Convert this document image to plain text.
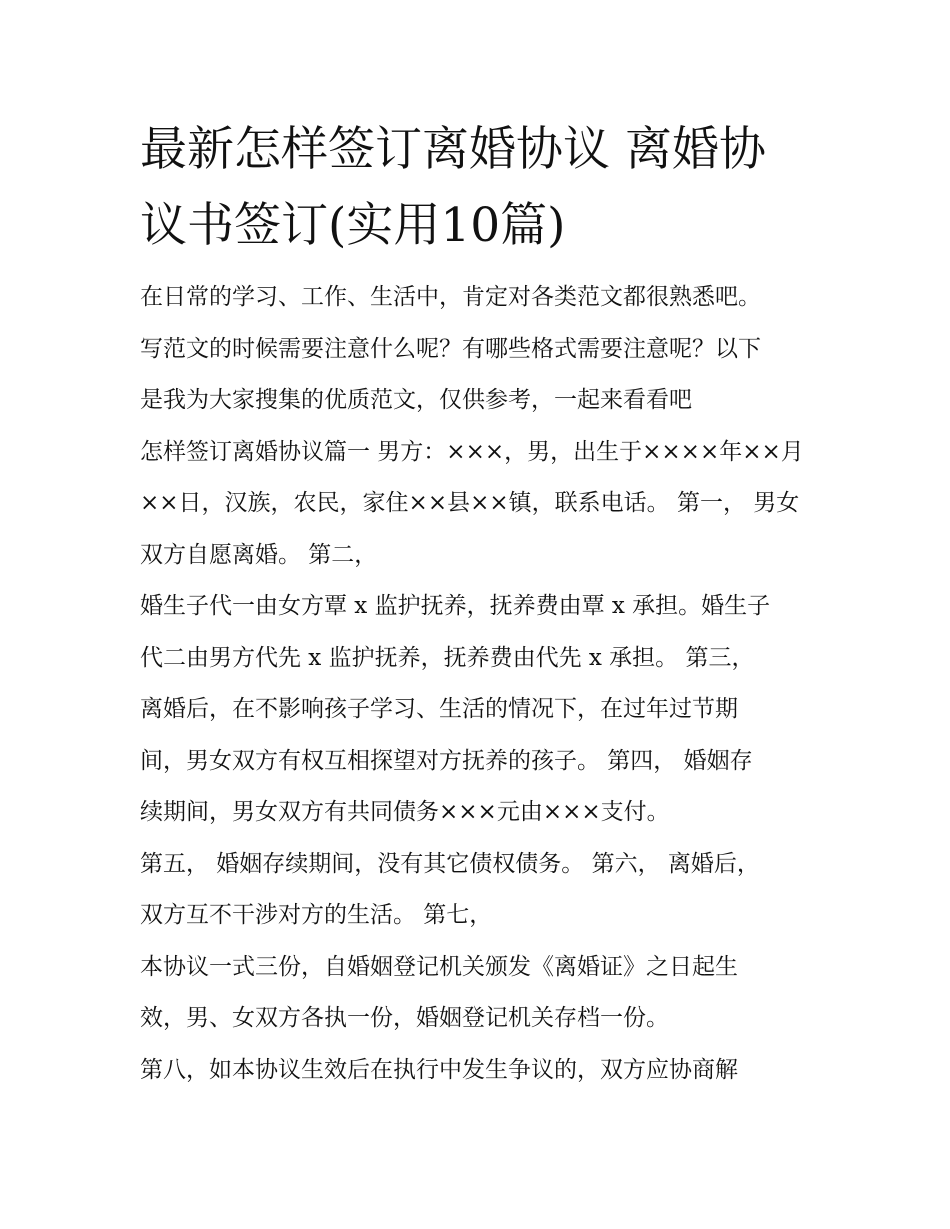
最新怎样签订离婚协议 离婚协
议书签订(实用10篇)
在日常的学习、工作、生活中，肯定对各类范文都很熟悉吧。
写范文的时候需要注意什么呢？有哪些格式需要注意呢？以下
是我为大家搜集的优质范文，仅供参考，一起来看看吧
怎样签订离婚协议篇一 男方：×××，男，出生于××××年××月
××日，汉族，农民，家住××县××镇，联系电话。 第一， 男女
双方自愿离婚。 第二，
婚生子代一由女方覃 x 监护抚养，抚养费由覃 x 承担。婚生子
代二由男方代先 x 监护抚养，抚养费由代先 x 承担。 第三，
离婚后，在不影响孩子学习、生活的情况下，在过年过节期
间，男女双方有权互相探望对方抚养的孩子。 第四， 婚姻存
续期间，男女双方有共同债务×××元由×××支付。
第五， 婚姻存续期间，没有其它债权债务。 第六， 离婚后，
双方互不干涉对方的生活。 第七，
本协议一式三份，自婚姻登记机关颁发《离婚证》之日起生
效，男、女双方各执一份，婚姻登记机关存档一份。
第八，如本协议生效后在执行中发生争议的，双方应协商解
